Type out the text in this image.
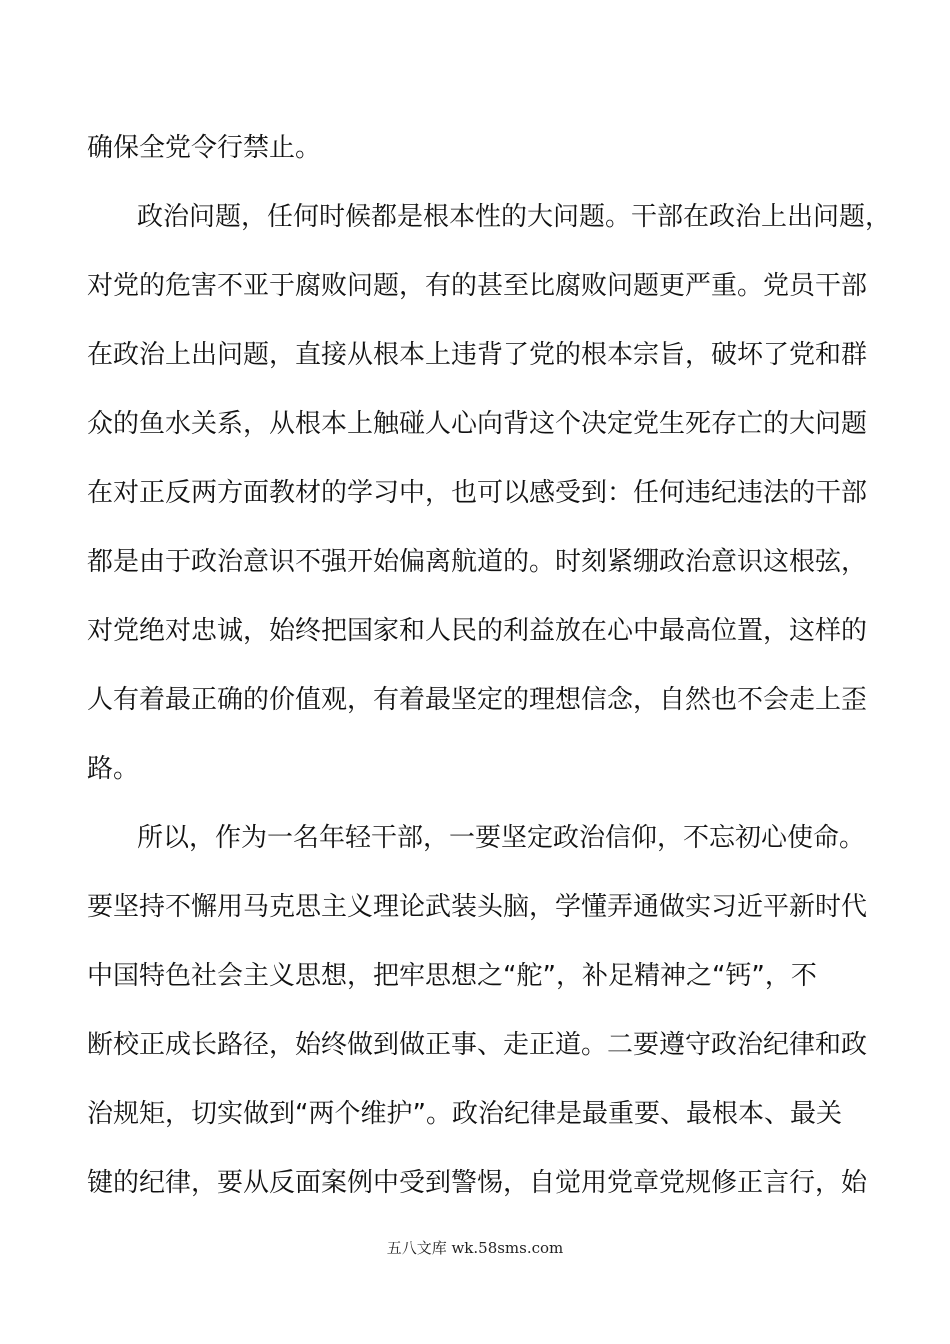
确保全党令行禁止。
政治问题，任何时候都是根本性的大问题。干部在政治上出问题，
对党的危害不亚于腐败问题，有的甚至比腐败问题更严重。党员干部
在政治上出问题，直接从根本上违背了党的根本宗旨，破坏了党和群
众的鱼水关系，从根本上触碰人心向背这个决定党生死存亡的大问题
在对正反两方面教材的学习中，也可以感受到：任何违纪违法的干部
都是由于政治意识不强开始偏离航道的。时刻紧绷政治意识这根弦，
对党绝对忠诚，始终把国家和人民的利益放在心中最高位置，这样的
人有着最正确的价值观，有着最坚定的理想信念，自然也不会走上歪
路。
所以，作为一名年轻干部，一要坚定政治信仰，不忘初心使命。
要坚持不懈用马克思主义理论武装头脑，学懂弄通做实习近平新时代
中国特色社会主义思想，把牢思想之“舵”，补足精神之“钙”，不
断校正成长路径，始终做到做正事、走正道。二要遵守政治纪律和政
治规矩，切实做到“两个维护”。政治纪律是最重要、最根本、最关
键的纪律，要从反面案例中受到警惕，自觉用党章党规修正言行，始
五八文库 wk.58sms.com
